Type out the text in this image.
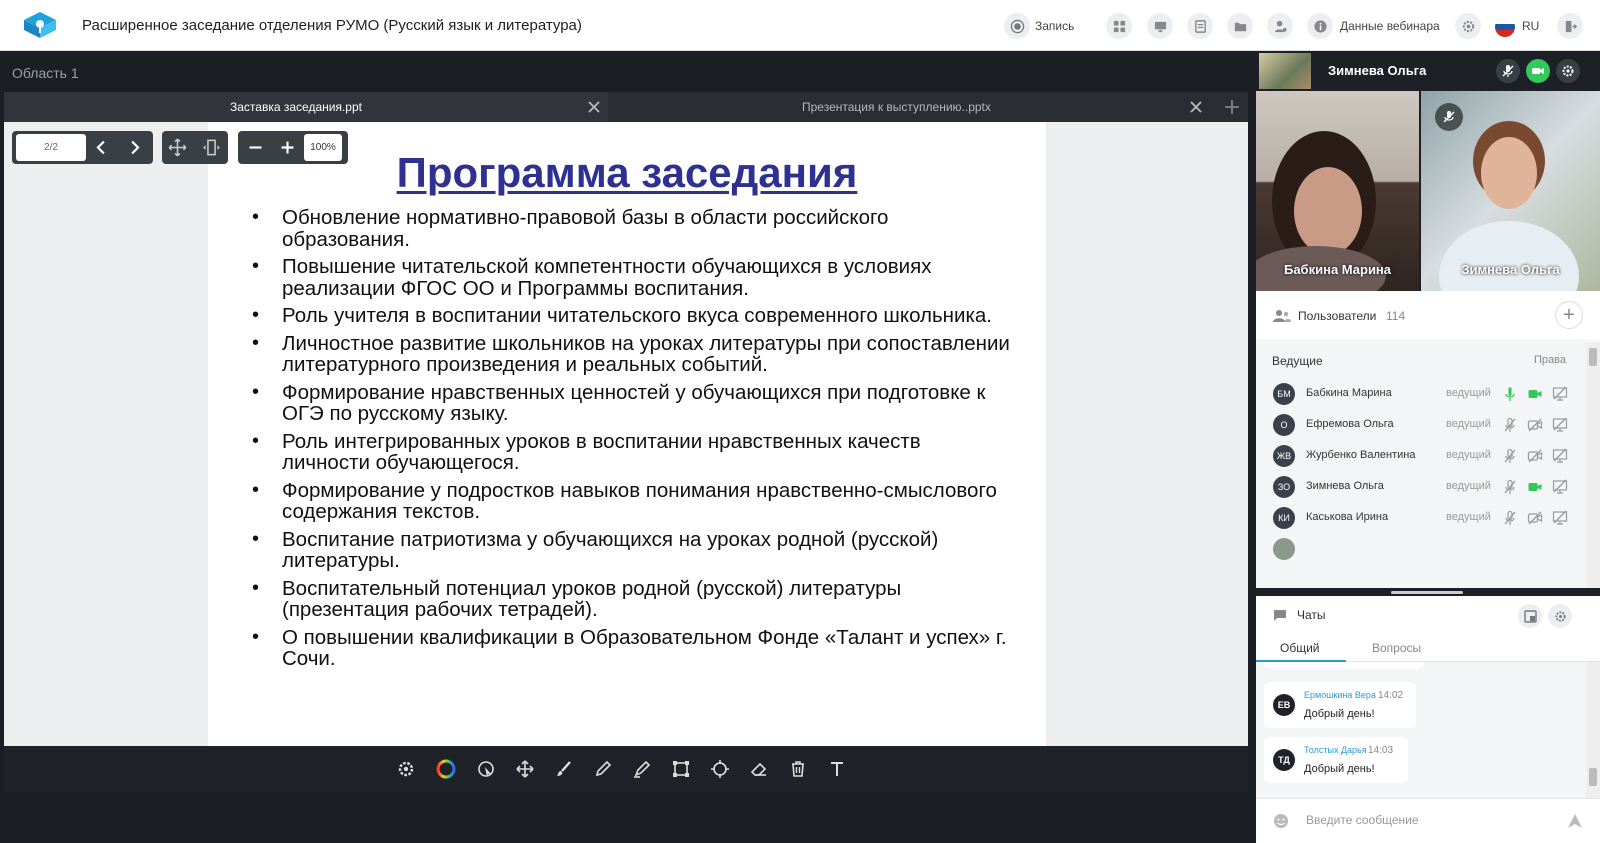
Расширенное заседание отделения РУМО (Русский язык и литература)	Запись	Данные вебинара	RU
Область 1
Заставка заседания.ppt	Презентация к выступлению..pptx
Программа заседания
• Обновление нормативно-правовой базы в области российского образования.
• Повышение читательской компетентности обучающихся в условиях реализации ФГОС ОО и Программы воспитания.
• Роль учителя в воспитании читательского вкуса современного школьника.
• Личностное развитие школьников на уроках литературы при сопоставлении литературного произведения и реальных событий.
• Формирование нравственных ценностей у обучающихся при подготовке к ОГЭ по русскому языку.
• Роль интегрированных уроков в воспитании нравственных качеств личности обучающегося.
• Формирование у подростков навыков понимания нравственно-смыслового содержания текстов.
• Воспитание патриотизма у обучающихся на уроках родной (русской) литературы.
• Воспитательный потенциал уроков родной (русской) литературы (презентация рабочих тетрадей).
• О повышении квалификации в Образовательном Фонде «Талант и успех» г. Сочи.
2/2	100%
Зимнева Ольга
Бабкина Марина	Зимнева Ольга
Пользователи 114	+
Ведущие	Права
БМ	Бабкина Марина	ведущий
О	Ефремова Ольга	ведущий
ЖВ	Журбенко Валентина	ведущий
ЗО	Зимнева Ольга	ведущий
КИ	Каськова Ирина	ведущий
Чаты
Общий	Вопросы
ЕВ
Ермошкина Вера 14:02
Добрый день!
ТД
Толстых Дарья 14:03
Добрый день!
Введите сообщение
